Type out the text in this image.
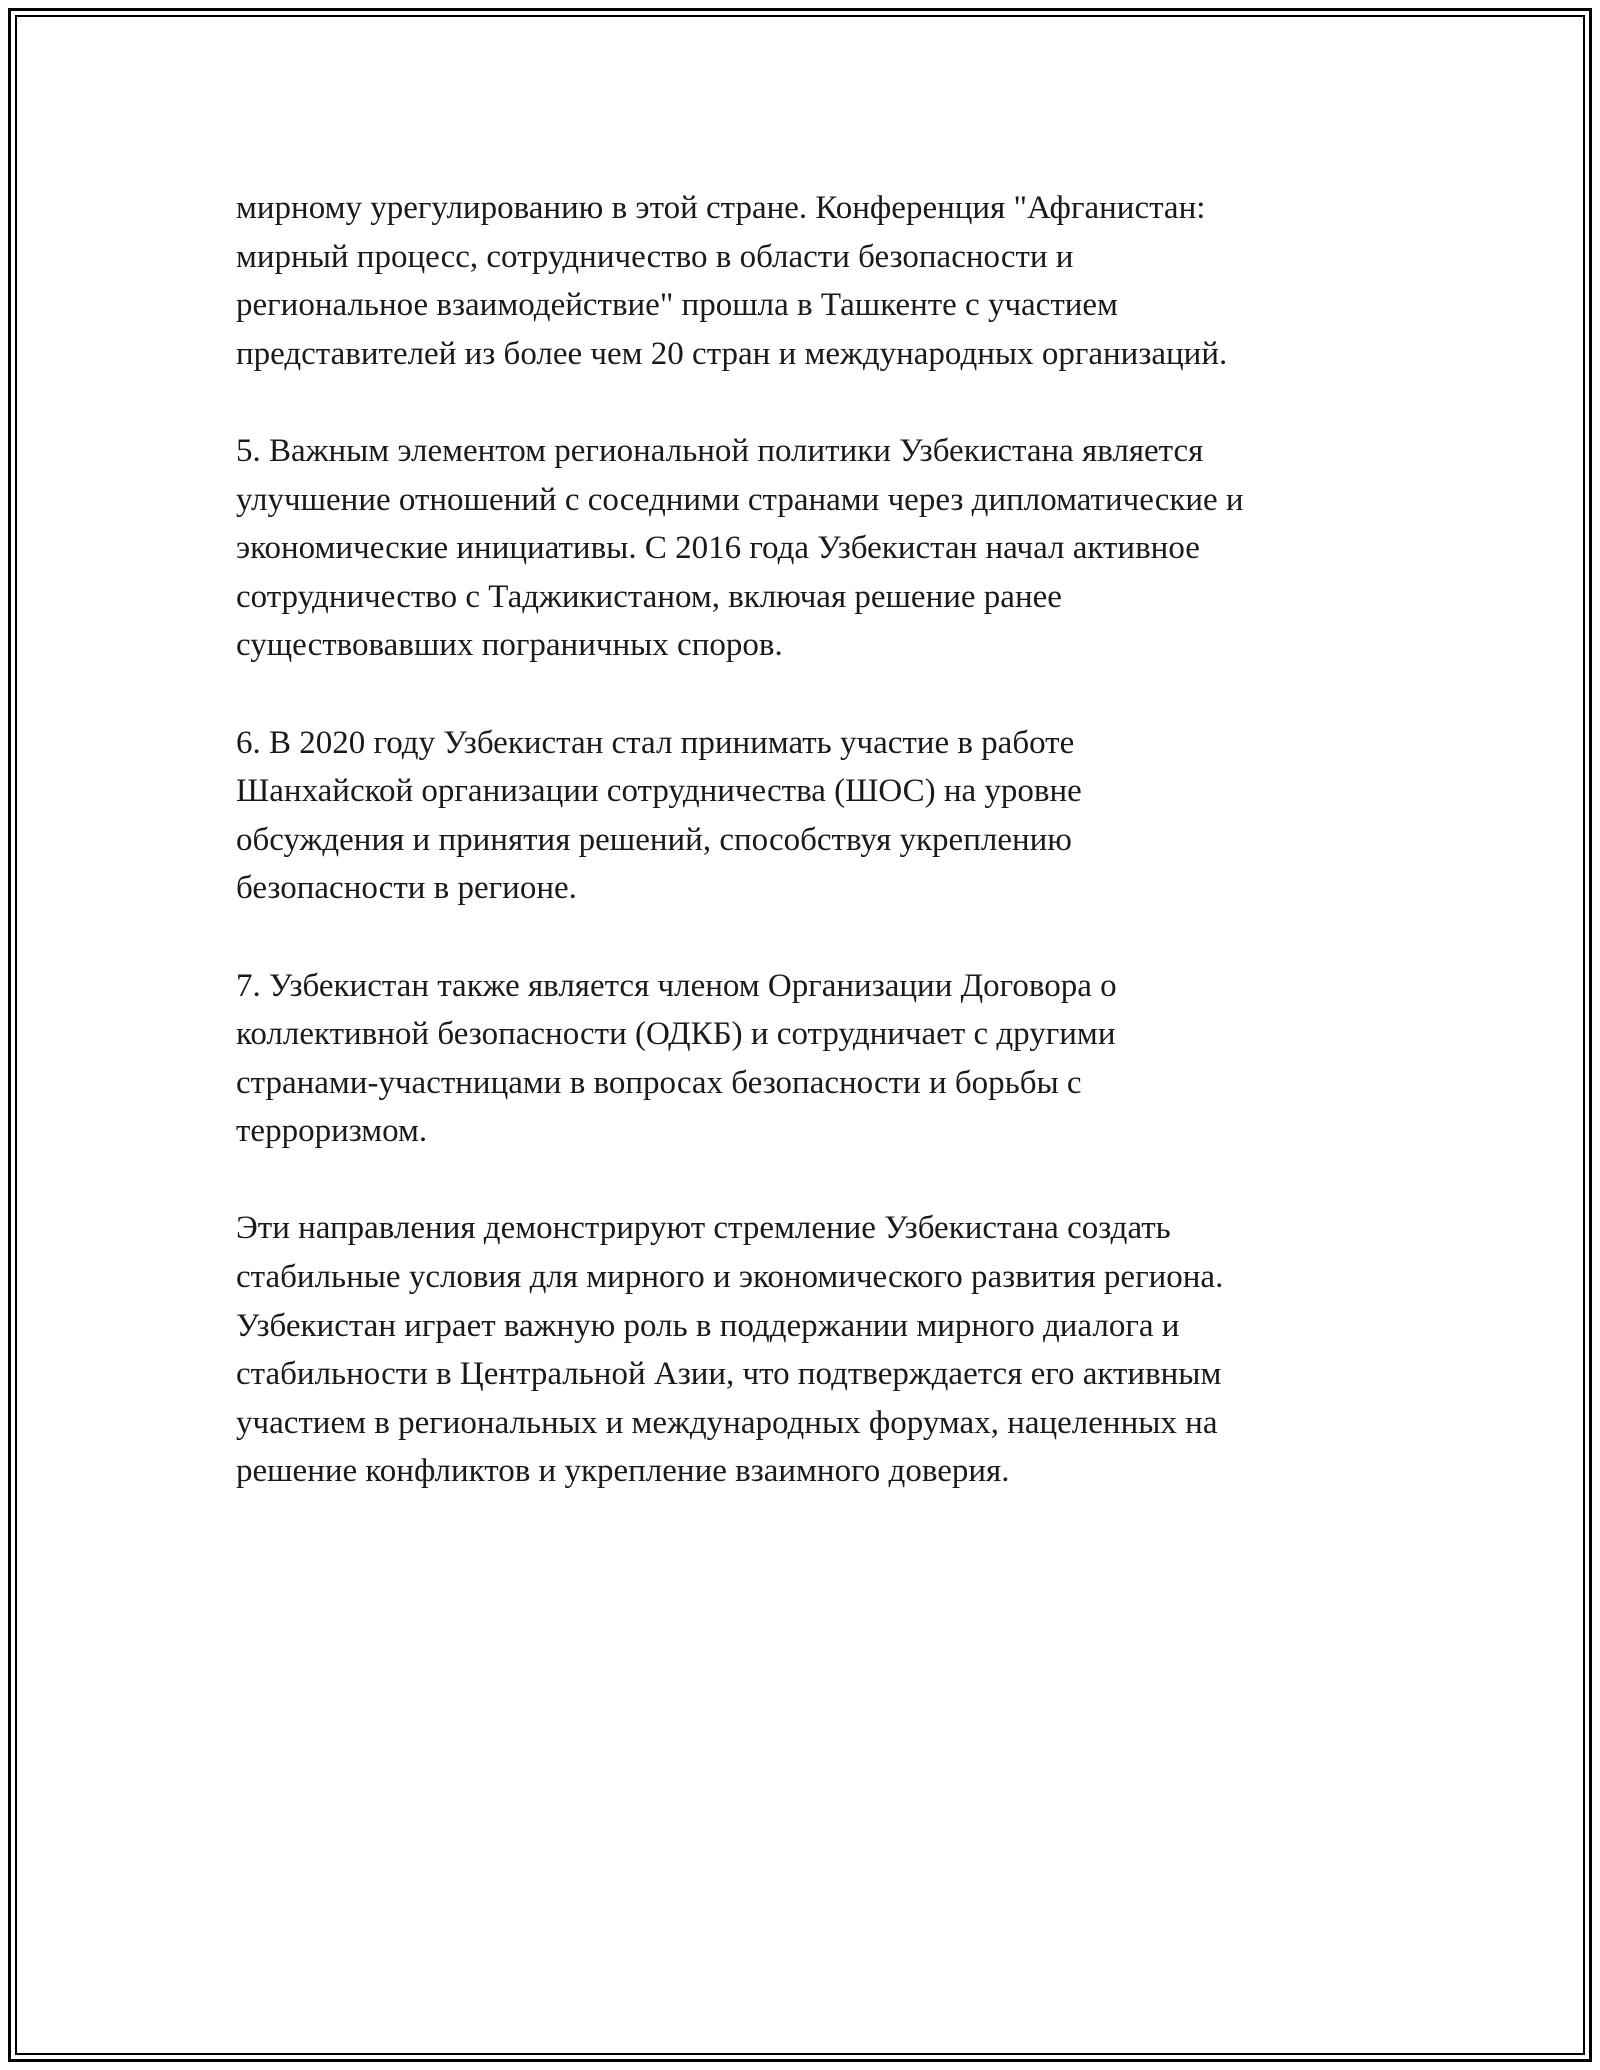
мирному урегулированию в этой стране. Конференция "Афганистан:
мирный процесс, сотрудничество в области безопасности и
региональное взаимодействие" прошла в Ташкенте с участием
представителей из более чем 20 стран и международных организаций.

5. Важным элементом региональной политики Узбекистана является
улучшение отношений с соседними странами через дипломатические и
экономические инициативы. С 2016 года Узбекистан начал активное
сотрудничество с Таджикистаном, включая решение ранее
существовавших пограничных споров.

6. В 2020 году Узбекистан стал принимать участие в работе
Шанхайской организации сотрудничества (ШОС) на уровне
обсуждения и принятия решений, способствуя укреплению
безопасности в регионе.

7. Узбекистан также является членом Организации Договора о
коллективной безопасности (ОДКБ) и сотрудничает с другими
странами-участницами в вопросах безопасности и борьбы с
терроризмом.

Эти направления демонстрируют стремление Узбекистана создать
стабильные условия для мирного и экономического развития региона.
Узбекистан играет важную роль в поддержании мирного диалога и
стабильности в Центральной Азии, что подтверждается его активным
участием в региональных и международных форумах, нацеленных на
решение конфликтов и укрепление взаимного доверия.
